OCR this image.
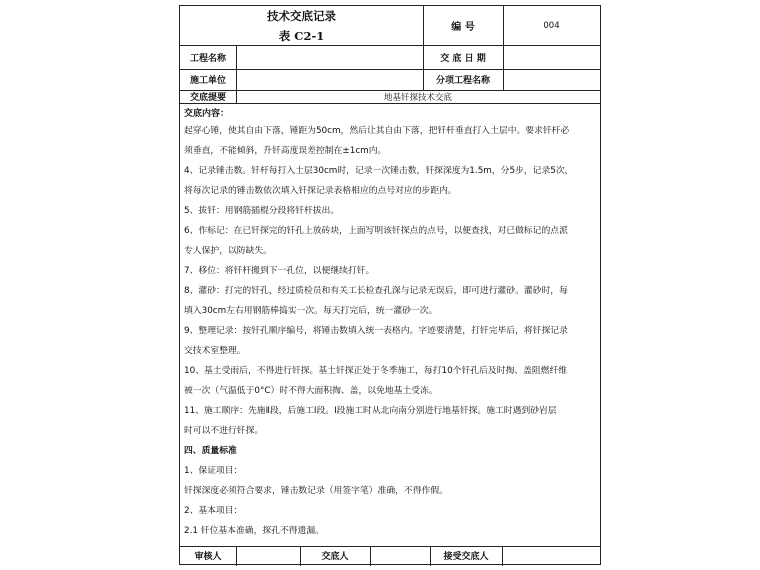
技术交底记录
表 C2-1
编 号	004
工程名称	交 底 日 期
施工单位	分项工程名称
交底提要	地基钎探技术交底
交底内容：
起穿心锤，使其自由下落，锤距为50cm，然后让其自由下落，把钎杆垂直打入土层中。要求钎杆必
须垂直，不能倾斜，升钎高度误差控制在±1cm内。
4、记录锤击数。钎杆每打入土层30cm时，记录一次锤击数，钎探深度为1.5m，分5步，记录5次，
将每次记录的锤击数依次填入钎探记录表格相应的点号对应的步距内。
5、拔钎：用钢筋插棍分段将钎杆拔出。
6、作标记：在已钎探完的钎孔上放砖块，上面写明该钎探点的点号，以便查找，对已做标记的点派
专人保护，以防缺失。
7、移位：将钎杆搬到下一孔位，以便继续打钎。
8、灌砂：打完的钎孔，经过质检员和有关工长检查孔深与记录无误后，即可进行灌砂。灌砂时，每
填入30cm左右用钢筋棒捣实一次。每天打完后，统一灌砂一次。
9、整理记录：按钎孔顺序编号，将锤击数填入统一表格内。字迹要清楚，打钎完毕后，将钎探记录
交技术室整理。
10、基土受雨后，不得进行钎探。基土钎探正处于冬季施工，每打10个钎孔后及时掏、盖阻燃纤维
被一次（气温低于0°C）时不得大面积掏、盖，以免地基土受冻。
11、施工顺序：先施Ⅱ段，后施工Ⅰ段。Ⅰ段施工时从北向南分别进行地基钎探。施工时遇到砂岩层
时可以不进行钎探。
四、质量标准
1、保证项目：
钎探深度必须符合要求，锤击数记录（用签字笔）准确，不得作假。
2、基本项目：
2.1 钎位基本准确，探孔不得遗漏。
审核人	交底人	接受交底人
